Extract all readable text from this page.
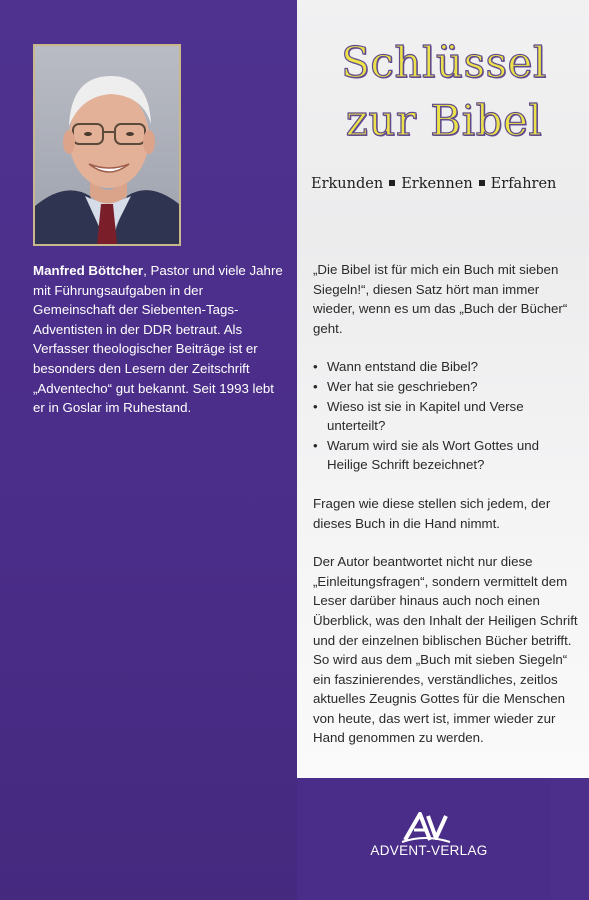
Manfred Böttcher, Pastor und viele Jahre mit Führungsaufgaben in der Gemeinschaft der Siebenten-Tags-Adventisten in der DDR betraut. Als Verfasser theologischer Beiträge ist er besonders den Lesern der Zeitschrift „Adventecho“ gut bekannt. Seit 1993 lebt er in Goslar im Ruhestand.
Schlüssel
zur Bibel
Erkunden Erkennen Erfahren

„Die Bibel ist für mich ein Buch mit sieben Siegeln!“, diesen Satz hört man immer wieder, wenn es um das „Buch der Bücher“ geht.

• Wann entstand die Bibel?
• Wer hat sie geschrieben?
• Wieso ist sie in Kapitel und Verse unterteilt?
• Warum wird sie als Wort Gottes und Heilige Schrift bezeichnet?

Fragen wie diese stellen sich jedem, der dieses Buch in die Hand nimmt.

Der Autor beantwortet nicht nur diese „Einleitungsfragen“, sondern vermittelt dem Leser darüber hinaus auch noch einen Überblick, was den Inhalt der Heiligen Schrift und der einzelnen biblischen Bücher betrifft. So wird aus dem „Buch mit sieben Siegeln“ ein faszinierendes, verständliches, zeitlos aktuelles Zeugnis Gottes für die Menschen von heute, das wert ist, immer wieder zur Hand genommen zu werden.

ADVENT-VERLAG
